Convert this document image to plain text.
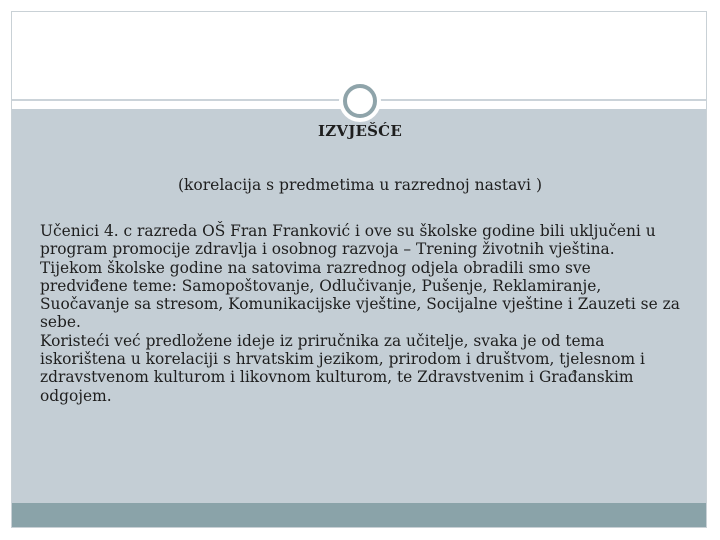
IZVJEŠĆE
(korelacija s predmetima u razrednoj nastavi )

Učenici 4. c razreda OŠ Fran Franković i ove su školske godine bili uključeni u program promocije zdravlja i osobnog razvoja – Trening životnih vještina. Tijekom školske godine na satovima razrednog odjela obradili smo sve predviđene teme: Samopoštovanje, Odlučivanje, Pušenje, Reklamiranje, Suočavanje sa stresom, Komunikacijske vještine, Socijalne vještine i Zauzeti se za sebe.

Koristeći već predložene ideje iz priručnika za učitelje, svaka je od tema iskorištena u korelaciji s hrvatskim jezikom, prirodom i društvom, tjelesnom i zdravstvenom kulturom i likovnom kulturom, te Zdravstvenim i Građanskim odgojem.
